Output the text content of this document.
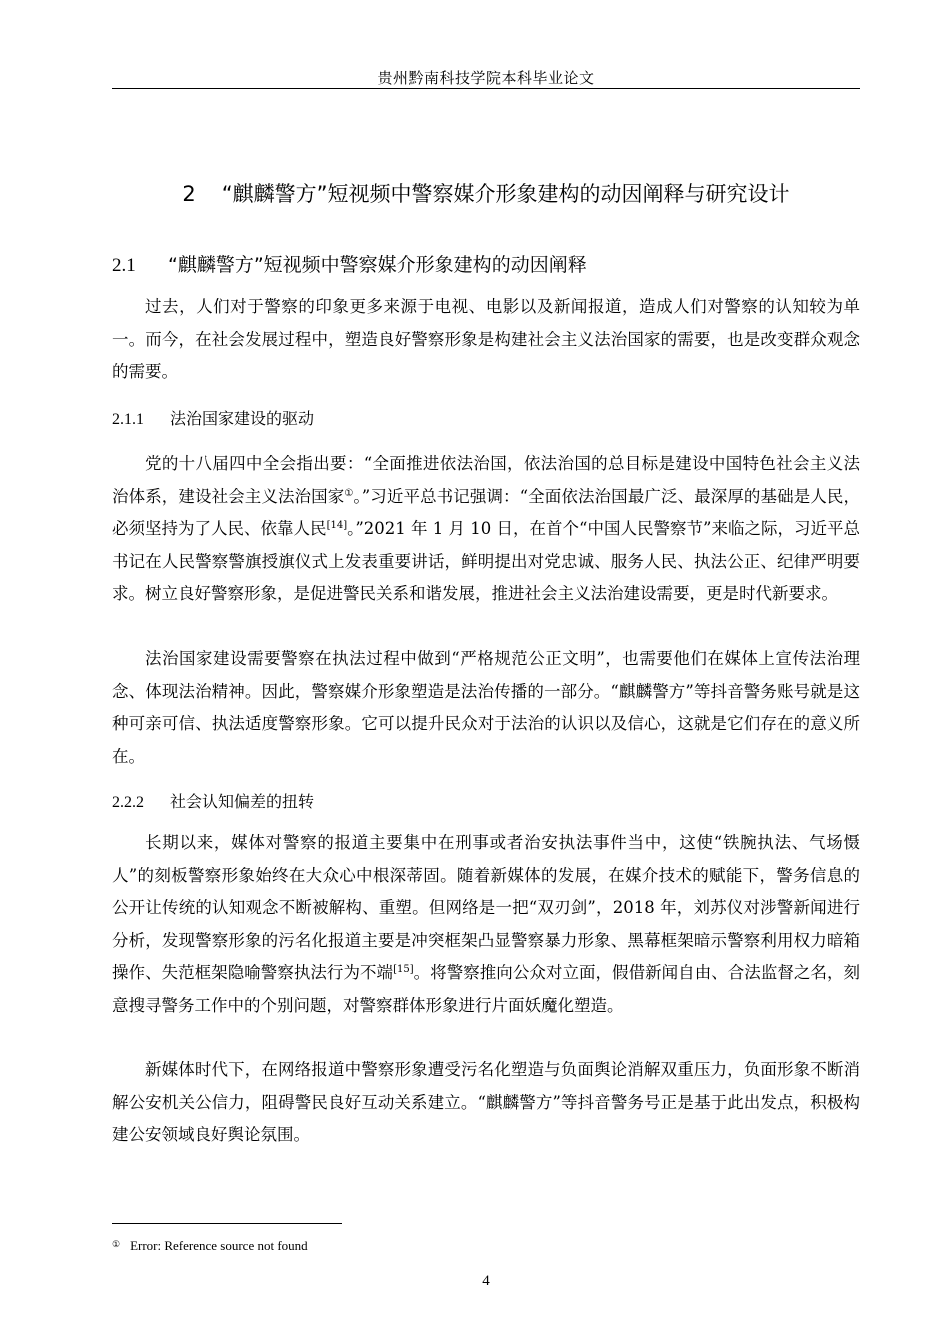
贵州黔南科技学院本科毕业论文
2 “麒麟警方”短视频中警察媒介形象建构的动因阐释与研究设计
2.1 “麒麟警方”短视频中警察媒介形象建构的动因阐释

过去，人们对于警察的印象更多来源于电视、电影以及新闻报道，造成人们对警察的认知较为单一。而今，在社会发展过程中，塑造良好警察形象是构建社会主义法治国家的需要，也是改变群众观念的需要。

2.1.1 法治国家建设的驱动

党的十八届四中全会指出要：“全面推进依法治国，依法治国的总目标是建设中国特色社会主义法治体系，建设社会主义法治国家①。”习近平总书记强调：“全面依法治国最广泛、最深厚的基础是人民，必须坚持为了人民、依靠人民[14]。”2021 年 1 月 10 日，在首个“中国人民警察节”来临之际，习近平总书记在人民警察警旗授旗仪式上发表重要讲话，鲜明提出对党忠诚、服务人民、执法公正、纪律严明要求。树立良好警察形象，是促进警民关系和谐发展，推进社会主义法治建设需要，更是时代新要求。

法治国家建设需要警察在执法过程中做到“严格规范公正文明”，也需要他们在媒体上宣传法治理念、体现法治精神。因此，警察媒介形象塑造是法治传播的一部分。“麒麟警方”等抖音警务账号就是这种可亲可信、执法适度警察形象。它可以提升民众对于法治的认识以及信心，这就是它们存在的意义所在。

2.2.2 社会认知偏差的扭转

长期以来，媒体对警察的报道主要集中在刑事或者治安执法事件当中，这使“铁腕执法、气场慑人”的刻板警察形象始终在大众心中根深蒂固。随着新媒体的发展，在媒介技术的赋能下，警务信息的公开让传统的认知观念不断被解构、重塑。但网络是一把“双刃剑”，2018 年，刘苏仪对涉警新闻进行分析，发现警察形象的污名化报道主要是冲突框架凸显警察暴力形象、黑幕框架暗示警察利用权力暗箱操作、失范框架隐喻警察执法行为不端[15]。将警察推向公众对立面，假借新闻自由、合法监督之名，刻意搜寻警务工作中的个别问题，对警察群体形象进行片面妖魔化塑造。

新媒体时代下，在网络报道中警察形象遭受污名化塑造与负面舆论消解双重压力，负面形象不断消解公安机关公信力，阻碍警民良好互动关系建立。“麒麟警方”等抖音警务号正是基于此出发点，积极构建公安领域良好舆论氛围。

① Error: Reference source not found
4
